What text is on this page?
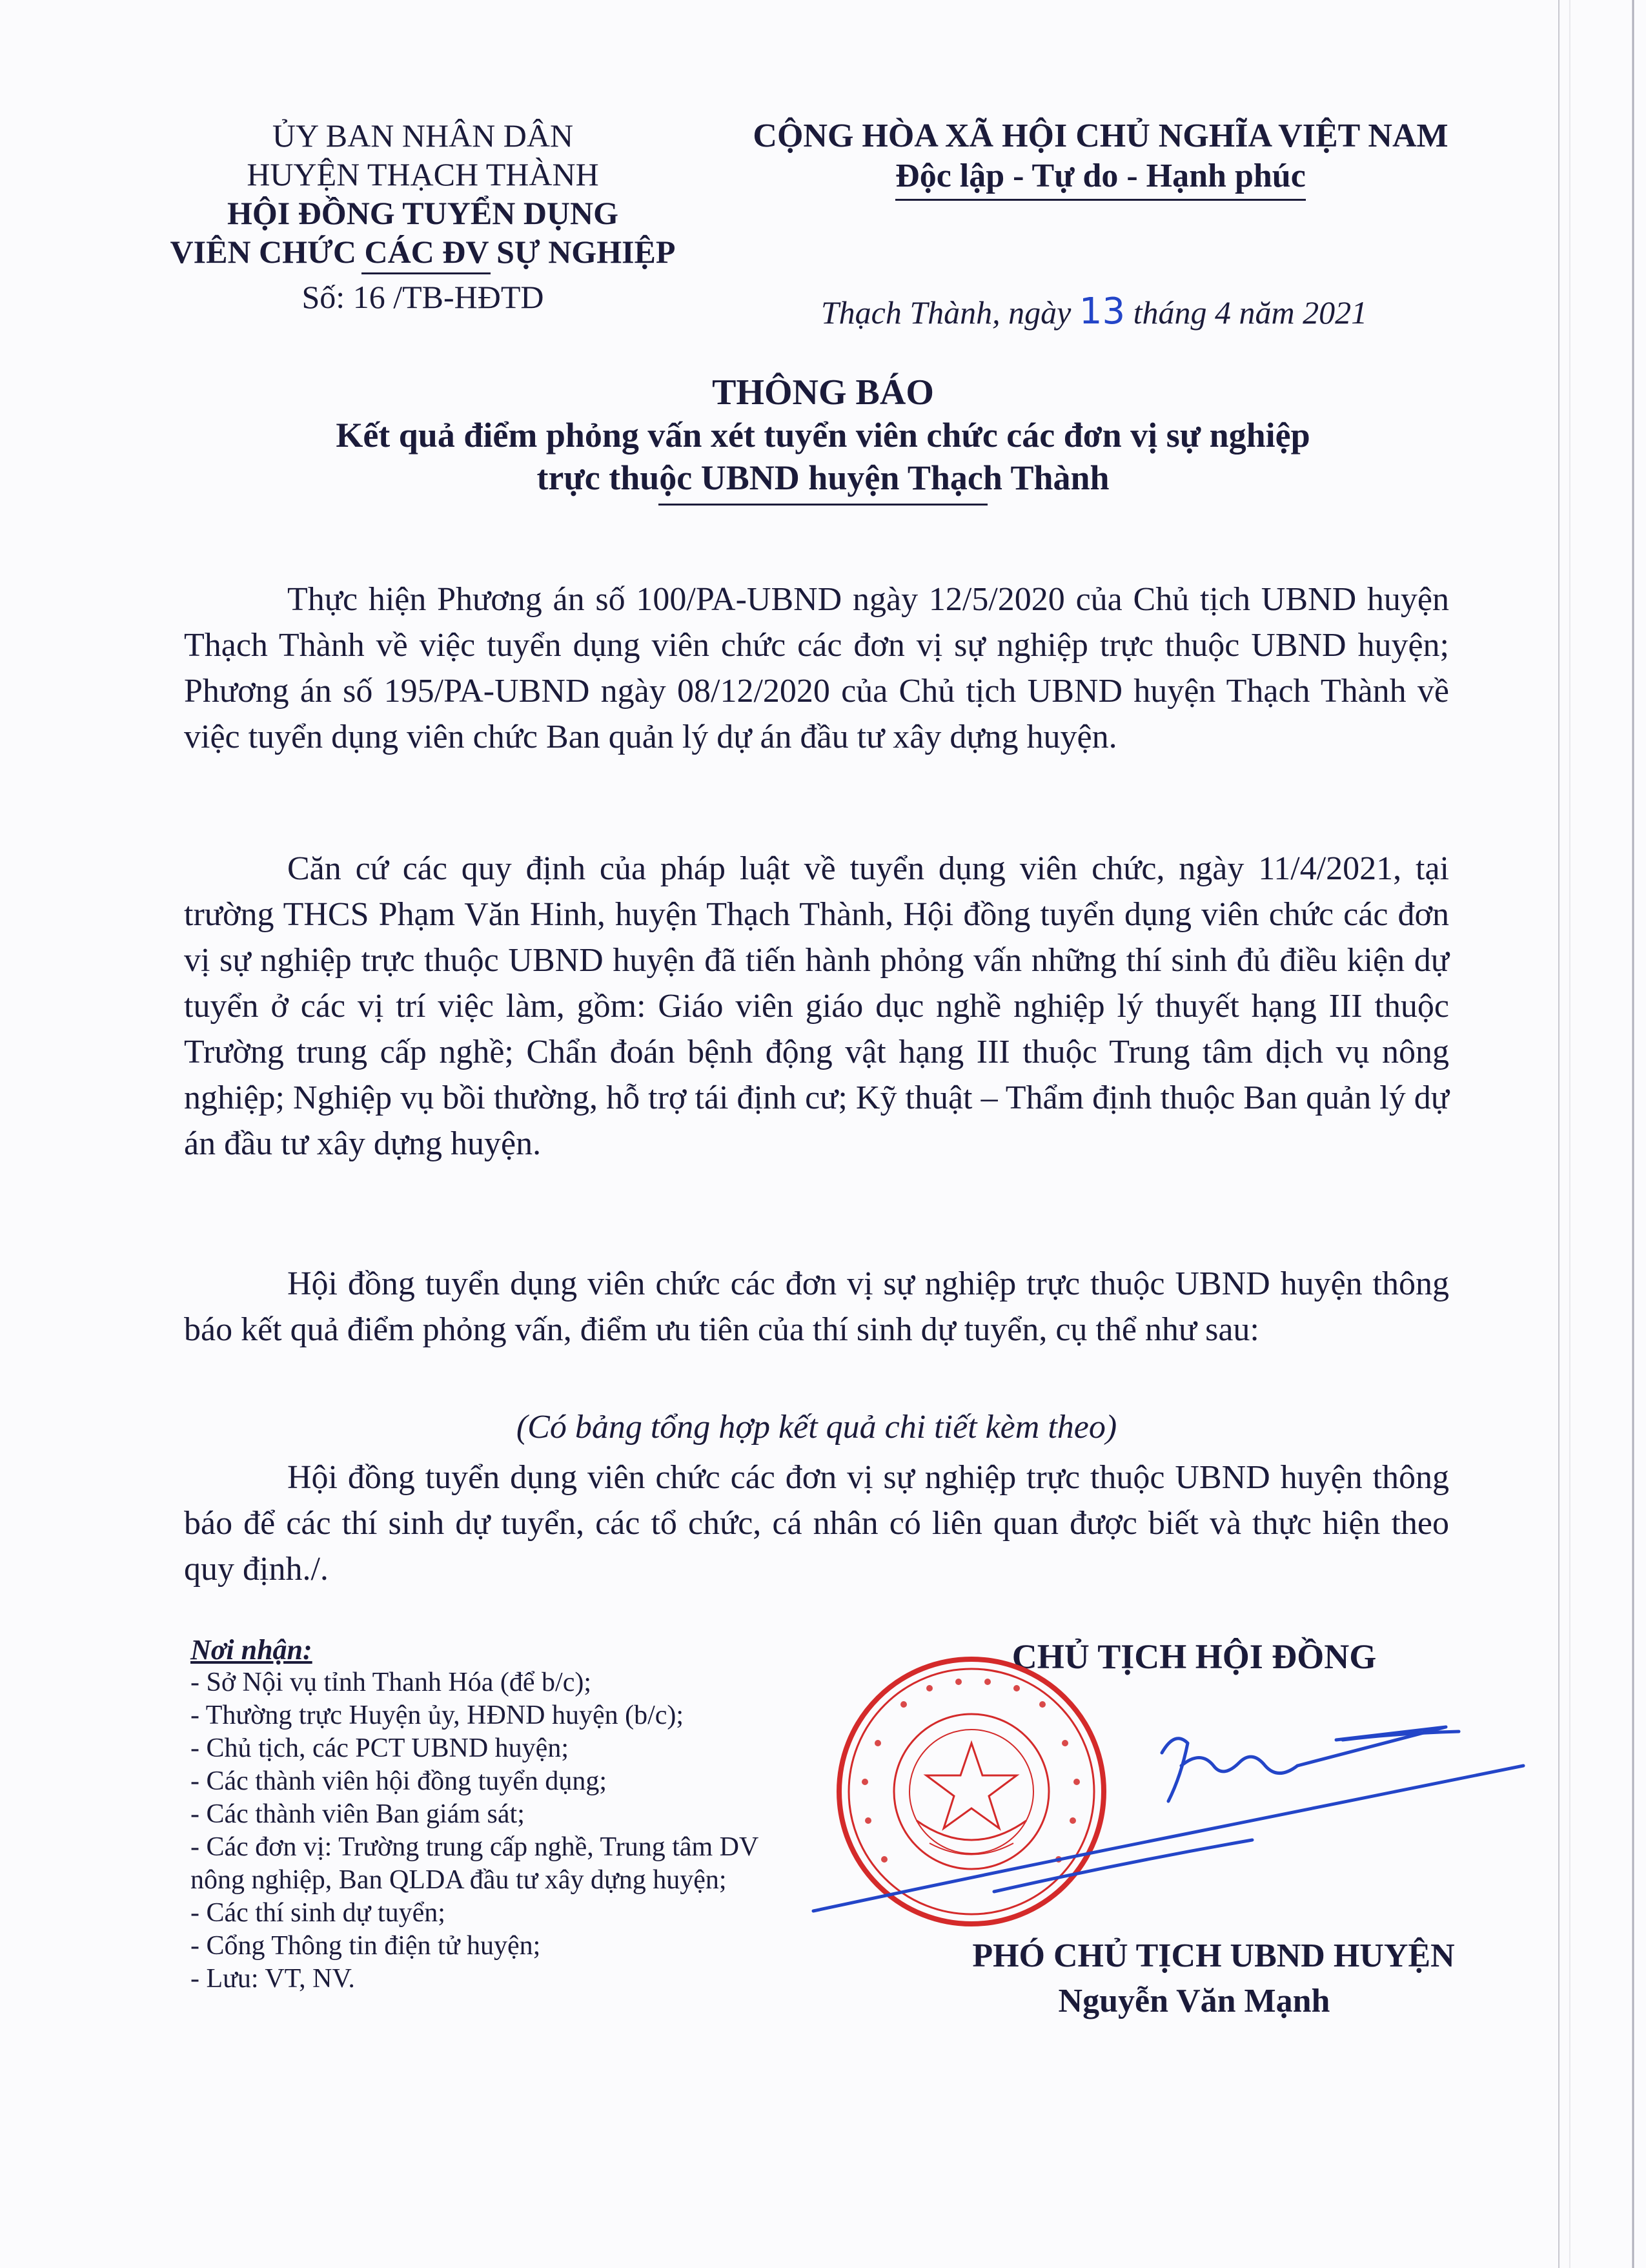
ỦY BAN NHÂN DÂN
HUYỆN THẠCH THÀNH
HỘI ĐỒNG TUYỂN DỤNG
VIÊN CHỨC CÁC ĐV SỰ NGHIỆP
Số: 16 /TB-HĐTD
CỘNG HÒA XÃ HỘI CHỦ NGHĨA VIỆT NAM
Độc lập - Tự do - Hạnh phúc
Thạch Thành, ngày 13 tháng 4 năm 2021
THÔNG BÁO
Kết quả điểm phỏng vấn xét tuyển viên chức các đơn vị sự nghiệp
trực thuộc UBND huyện Thạch Thành
Thực hiện Phương án số 100/PA-UBND ngày 12/5/2020 của Chủ tịch UBND huyện Thạch Thành về việc tuyển dụng viên chức các đơn vị sự nghiệp trực thuộc UBND huyện; Phương án số 195/PA-UBND ngày 08/12/2020 của Chủ tịch UBND huyện Thạch Thành về việc tuyển dụng viên chức Ban quản lý dự án đầu tư xây dựng huyện.
Căn cứ các quy định của pháp luật về tuyển dụng viên chức, ngày 11/4/2021, tại trường THCS Phạm Văn Hinh, huyện Thạch Thành, Hội đồng tuyển dụng viên chức các đơn vị sự nghiệp trực thuộc UBND huyện đã tiến hành phỏng vấn những thí sinh đủ điều kiện dự tuyển ở các vị trí việc làm, gồm: Giáo viên giáo dục nghề nghiệp lý thuyết hạng III thuộc Trường trung cấp nghề; Chẩn đoán bệnh động vật hạng III thuộc Trung tâm dịch vụ nông nghiệp; Nghiệp vụ bồi thường, hỗ trợ tái định cư; Kỹ thuật – Thẩm định thuộc Ban quản lý dự án đầu tư xây dựng huyện.
Hội đồng tuyển dụng viên chức các đơn vị sự nghiệp trực thuộc UBND huyện thông báo kết quả điểm phỏng vấn, điểm ưu tiên của thí sinh dự tuyển, cụ thể như sau:
(Có bảng tổng hợp kết quả chi tiết kèm theo)
Hội đồng tuyển dụng viên chức các đơn vị sự nghiệp trực thuộc UBND huyện thông báo để các thí sinh dự tuyển, các tổ chức, cá nhân có liên quan được biết và thực hiện theo quy định./.
Nơi nhận:
- Sở Nội vụ tỉnh Thanh Hóa (để b/c);
- Thường trực Huyện ủy, HĐND huyện (b/c);
- Chủ tịch, các PCT UBND huyện;
- Các thành viên hội đồng tuyển dụng;
- Các thành viên Ban giám sát;
- Các đơn vị: Trường trung cấp nghề, Trung tâm DV nông nghiệp, Ban QLDA đầu tư xây dựng huyện;
- Các thí sinh dự tuyển;
- Cổng Thông tin điện tử huyện;
- Lưu: VT, NV.
CHỦ TỊCH HỘI ĐỒNG
PHÓ CHỦ TỊCH UBND HUYỆN
Nguyễn Văn Mạnh
